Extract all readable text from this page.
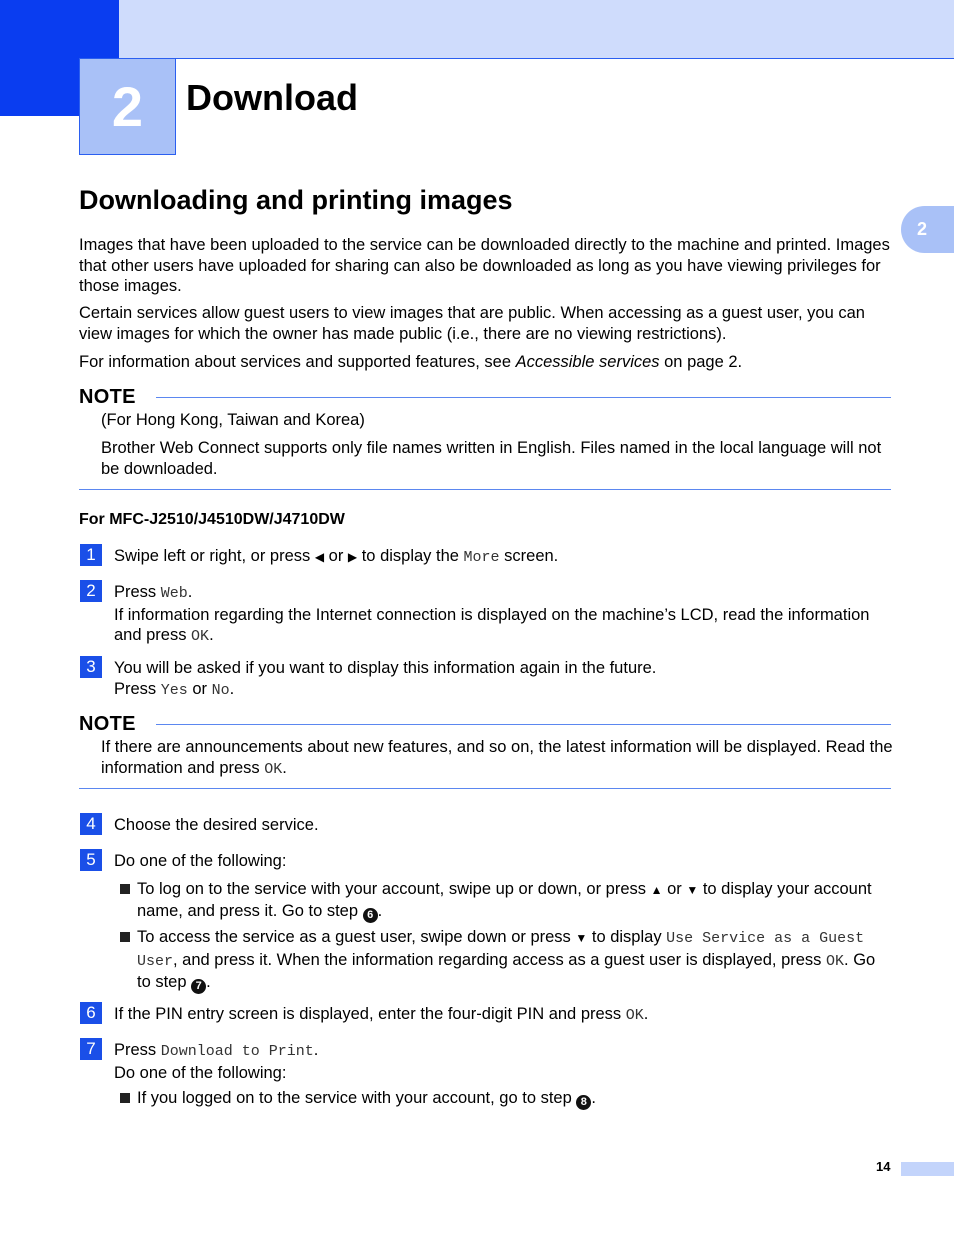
2	Download
2
Downloading and printing images
Images that have been uploaded to the service can be downloaded directly to the machine and printed. Images that other users have uploaded for sharing can also be downloaded as long as you have viewing privileges for those images.
Certain services allow guest users to view images that are public. When accessing as a guest user, you can view images for which the owner has made public (i.e., there are no viewing restrictions).
For information about services and supported features, see Accessible services on page 2.
NOTE
(For Hong Kong, Taiwan and Korea)
Brother Web Connect supports only file names written in English. Files named in the local language will not be downloaded.
For MFC-J2510/J4510DW/J4710DW
1	Swipe left or right, or press ◀ or ▶ to display the More screen.
2	Press Web.
If information regarding the Internet connection is displayed on the machine’s LCD, read the information and press OK.
3	You will be asked if you want to display this information again in the future.
Press Yes or No.
NOTE
If there are announcements about new features, and so on, the latest information will be displayed. Read the information and press OK.
4	Choose the desired service.
5	Do one of the following:
To log on to the service with your account, swipe up or down, or press ▲ or ▼ to display your account name, and press it. Go to step 6 .
To access the service as a guest user, swipe down or press ▼ to display Use Service as a Guest User, and press it. When the information regarding access as a guest user is displayed, press OK. Go to step 7 .
6	If the PIN entry screen is displayed, enter the four-digit PIN and press OK.
7	Press Download to Print.
Do one of the following:
If you logged on to the service with your account, go to step 8 .
14
